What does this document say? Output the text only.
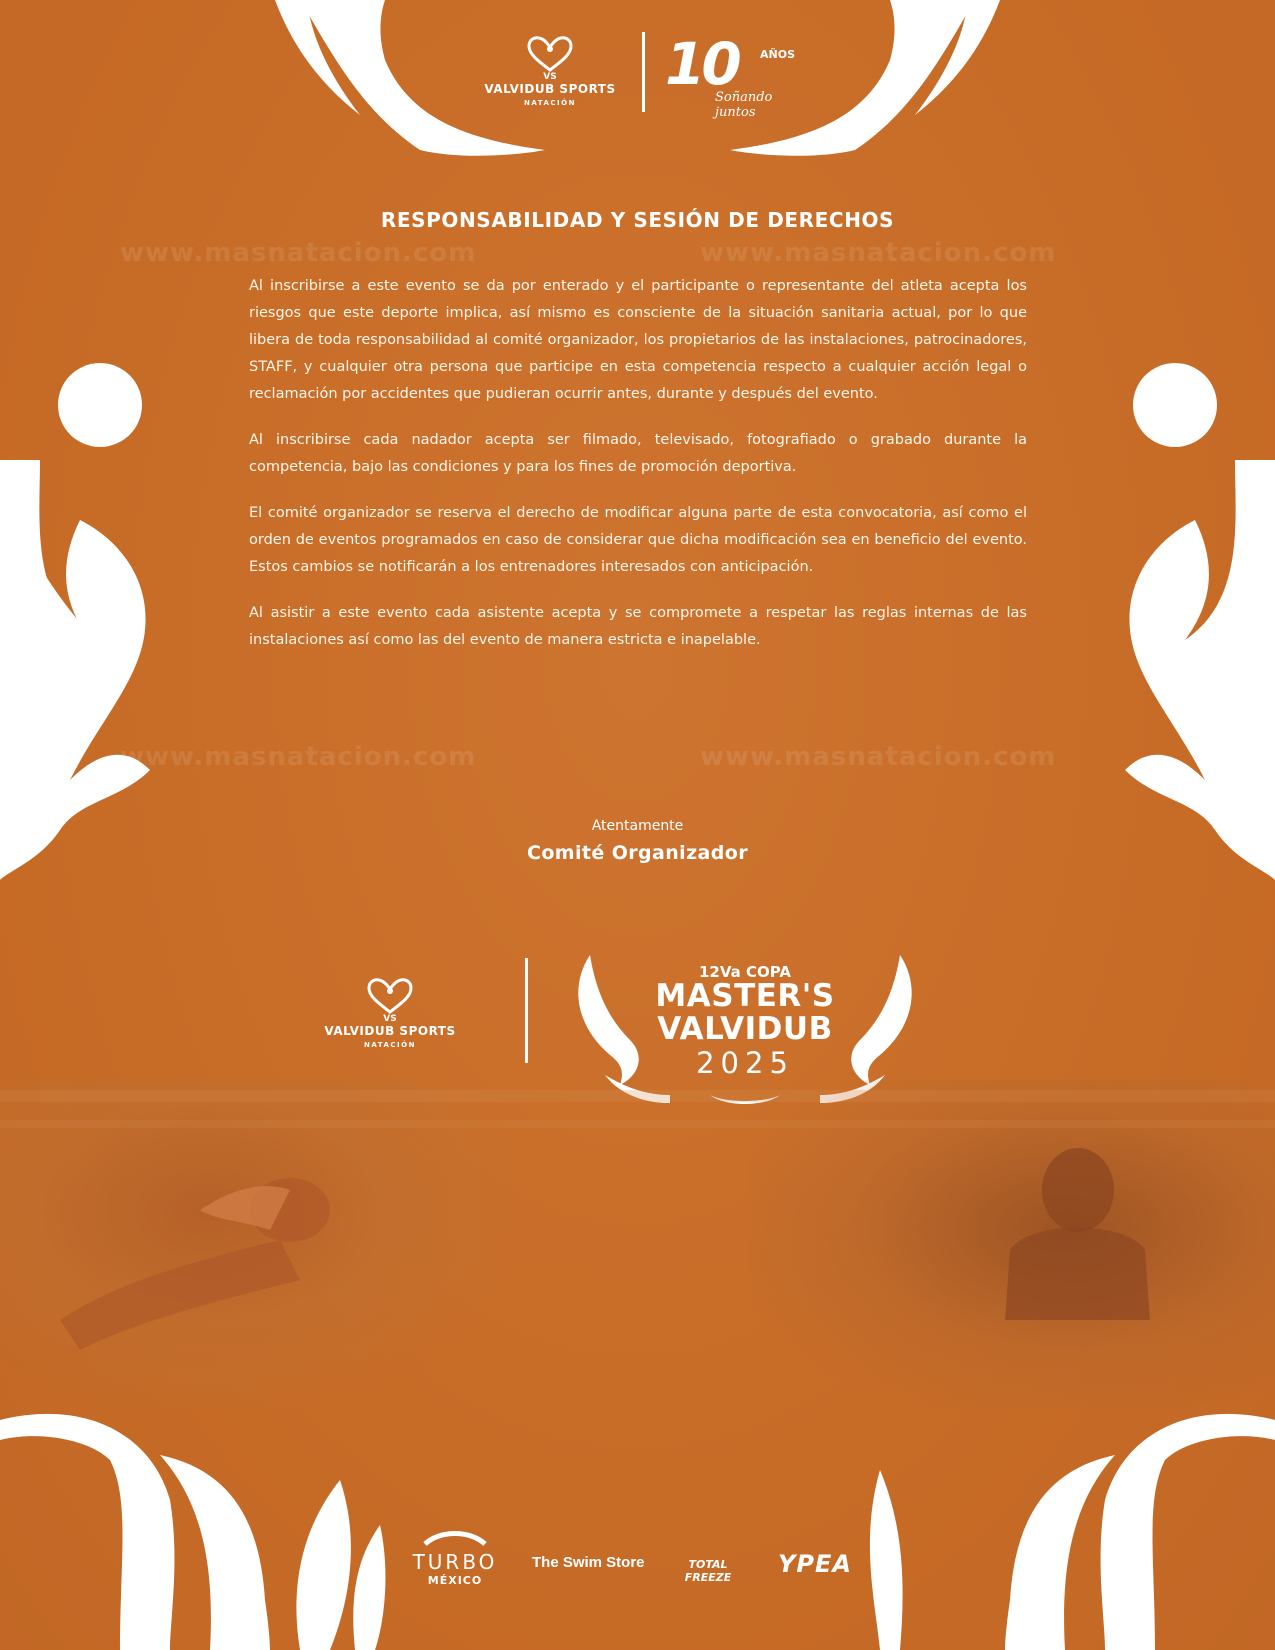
www.masnatacion.com	www.masnatacion.com
www.masnatacion.com	www.masnatacion.com
VS
VALVIDUB SPORTS
NATACIÓN
10 AÑOS
Soñando juntos
RESPONSABILIDAD Y SESIÓN DE DERECHOS

Al inscribirse a este evento se da por enterado y el participante o representante del atleta acepta los riesgos que este deporte implica, así mismo es consciente de la situación sanitaria actual, por lo que libera de toda responsabilidad al comité organizador, los propietarios de las instalaciones, patrocinadores, STAFF, y cualquier otra persona que participe en esta competencia respecto a cualquier acción legal o reclamación por accidentes que pudieran ocurrir antes, durante y después del evento.

Al inscribirse cada nadador acepta ser filmado, televisado, fotografiado o grabado durante la competencia, bajo las condiciones y para los fines de promoción deportiva.

El comité organizador se reserva el derecho de modificar alguna parte de esta convocatoria, así como el orden de eventos programados en caso de considerar que dicha modificación sea en beneficio del evento. Estos cambios se notificarán a los entrenadores interesados con anticipación.

Al asistir a este evento cada asistente acepta y se compromete a respetar las reglas internas de las instalaciones así como las del evento de manera estricta e inapelable.

Atentamente
Comité Organizador
VS
VALVIDUB SPORTS
NATACIÓN
12Va COPA
MASTER'S
VALVIDUB
2025
TURBO
MÉXICO
The Swim Store	TOTAL FREEZE YPEA
